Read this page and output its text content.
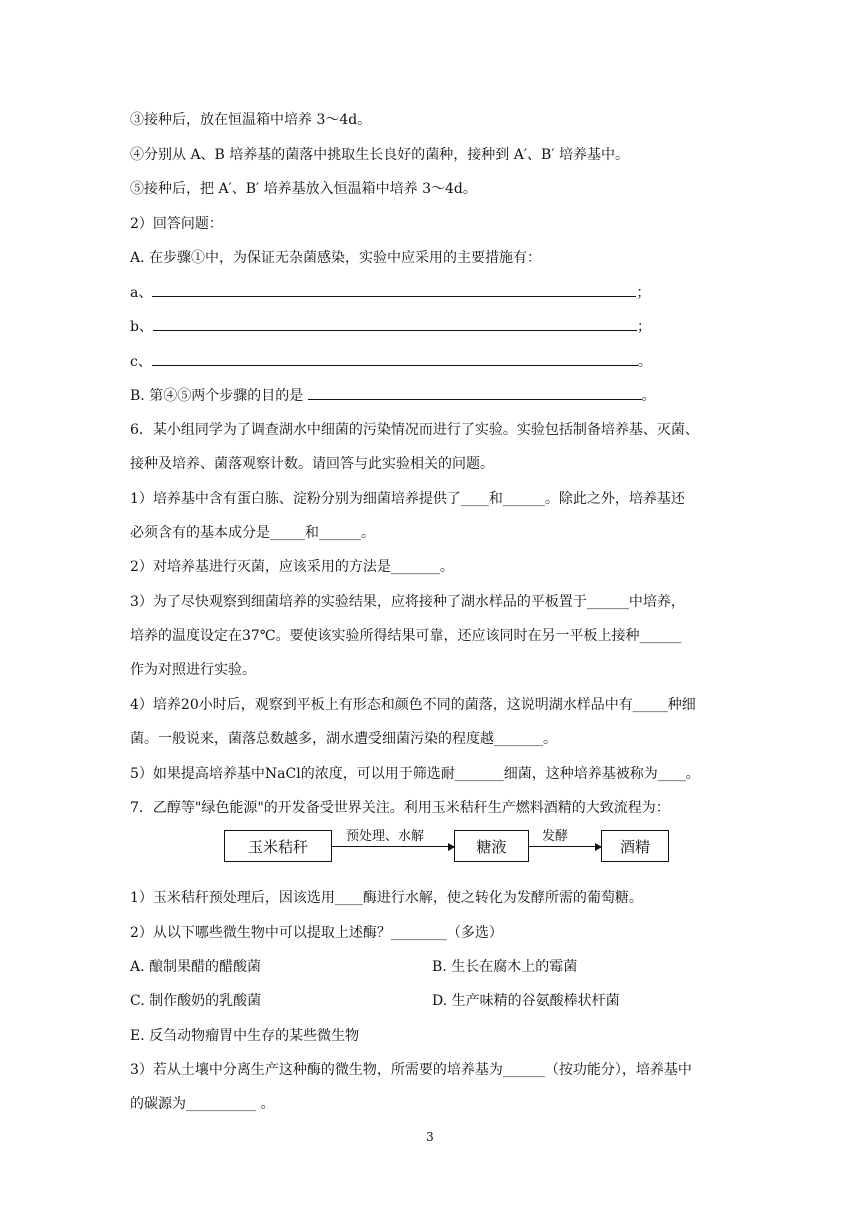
③接种后，放在恒温箱中培养 3～4d。
④分别从 A、B 培养基的菌落中挑取生长良好的菌种，接种到 A′、B′ 培养基中。
⑤接种后，把 A′、B′ 培养基放入恒温箱中培养 3～4d。
2）回答问题：
A. 在步骤①中，为保证无杂菌感染，实验中应采用的主要措施有：
a、	；
b、	；
c、	。
B. 第④⑤两个步骤的目的是	。
6．某小组同学为了调查湖水中细菌的污染情况而进行了实验。实验包括制备培养基、灭菌、
接种及培养、菌落观察计数。请回答与此实验相关的问题。
1）培养基中含有蛋白胨、淀粉分别为细菌培养提供了____和______。除此之外，培养基还
必须含有的基本成分是_____和______。
2）对培养基进行灭菌，应该采用的方法是_______。
3）为了尽快观察到细菌培养的实验结果，应将接种了湖水样品的平板置于______中培养，
培养的温度设定在37℃。要使该实验所得结果可靠，还应该同时在另一平板上接种______
作为对照进行实验。
4）培养20小时后，观察到平板上有形态和颜色不同的菌落，这说明湖水样品中有_____种细
菌。一般说来，菌落总数越多，湖水遭受细菌污染的程度越_______。
5）如果提高培养基中NaCl的浓度，可以用于筛选耐_______细菌，这种培养基被称为____。
7．乙醇等"绿色能源"的开发备受世界关注。利用玉米秸秆生产燃料酒精的大致流程为：
玉米秸秆
预处理、水解
糖液
发酵
酒精
1）玉米秸秆预处理后，因该选用____酶进行水解，使之转化为发酵所需的葡萄糖。
2）从以下哪些微生物中可以提取上述酶？________（多选）
A. 酿制果醋的醋酸菌	B. 生长在腐木上的霉菌
C. 制作酸奶的乳酸菌	D. 生产味精的谷氨酸棒状杆菌
E. 反刍动物瘤胃中生存的某些微生物
3）若从土壤中分离生产这种酶的微生物，所需要的培养基为______（按功能分），培养基中
的碳源为__________ 。
3
